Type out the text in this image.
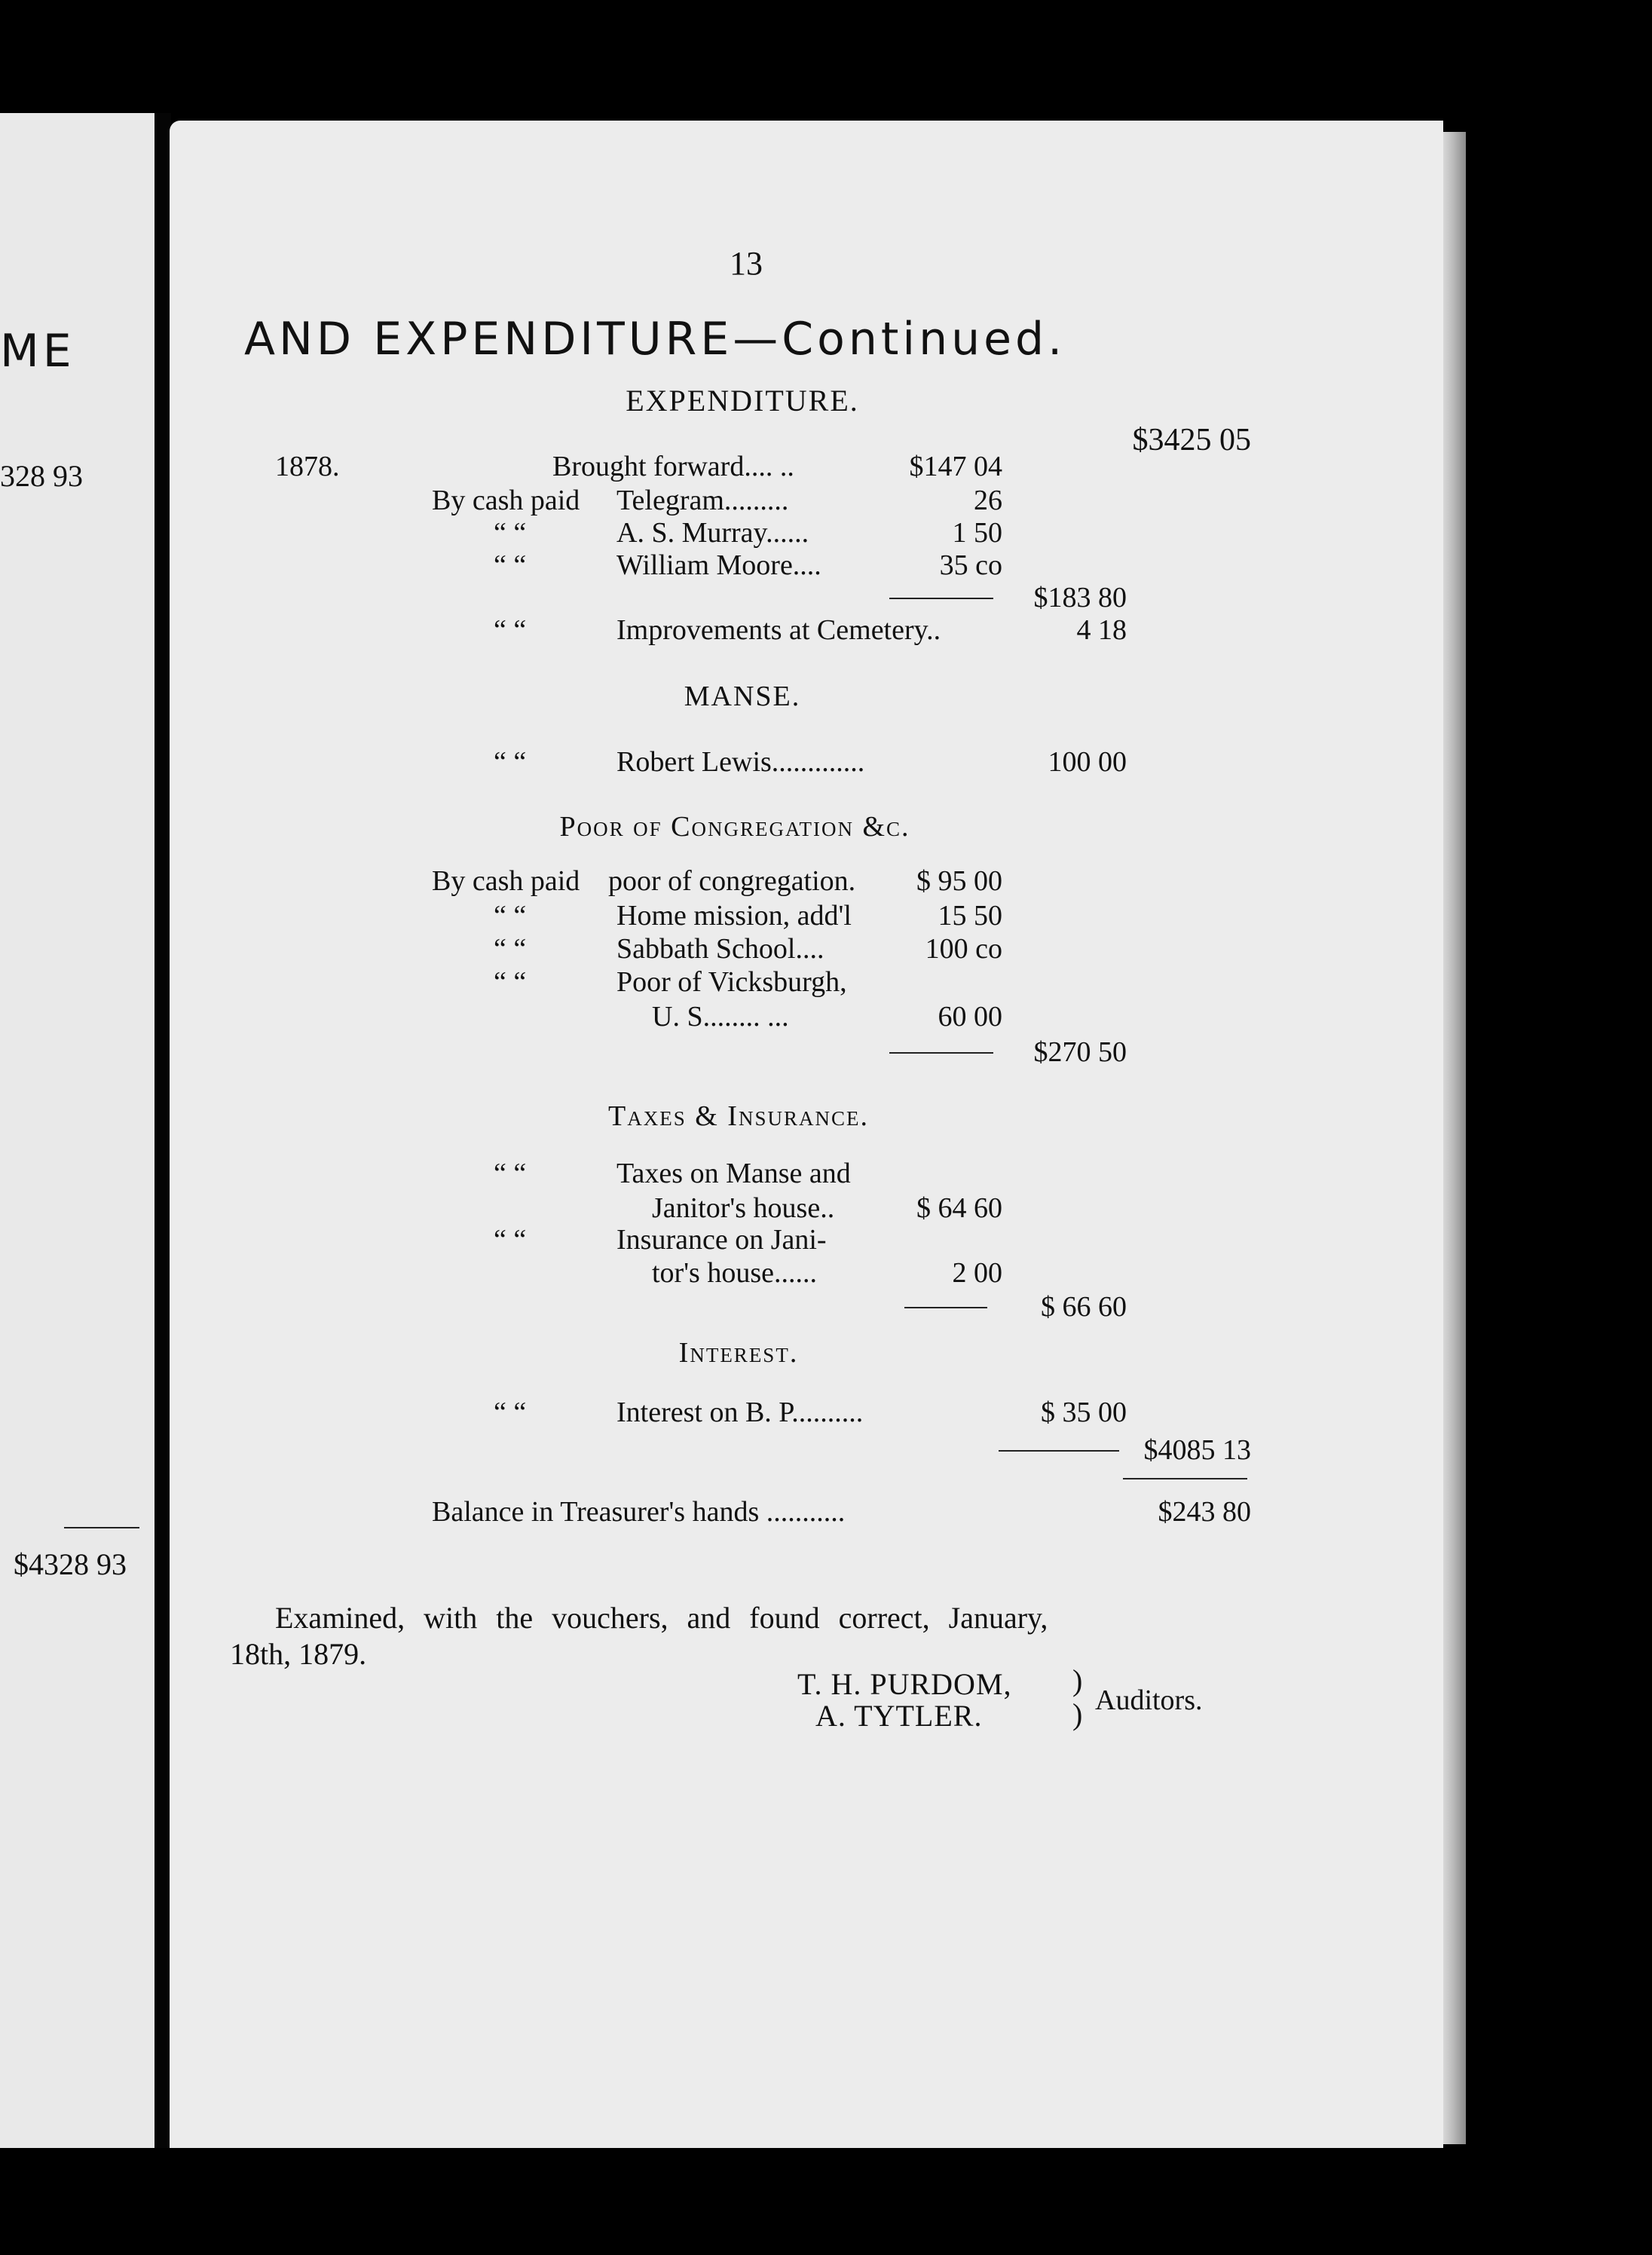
ME
328 93
$4328 93
13
AND EXPENDITURE—Continued.
EXPENDITURE.
$3425 05
1878.	Brought forward.... ..	$147 04
By cash paid Telegram.........	26
“ “	A. S. Murray......	1 50
“ “	William Moore....	35 co
$183 80
“ “	Improvements at Cemetery..	4 18
MANSE.
“ “	Robert Lewis.............	100 00
Poor of Congregation &c.
By cash paid poor of congregation.	$ 95 00
“ “	Home mission, add'l	15 50
“ “	Sabbath School....	100 co
“ “	Poor of Vicksburgh,
U. S........ ...	60 00
$270 50
Taxes & Insurance.
“ “	Taxes on Manse and
Janitor's house..	$ 64 60
“ “	Insurance on Jani-
tor's house......	2 00
$ 66 60
Interest.
“ “	Interest on B. P..........	$ 35 00
$4085 13
Balance in Treasurer's hands ...........	$243 80
Examined, with the vouchers, and found correct, January,
18th, 1879.
T. H. PURDOM,
A. TYTLER.
)
) Auditors.
